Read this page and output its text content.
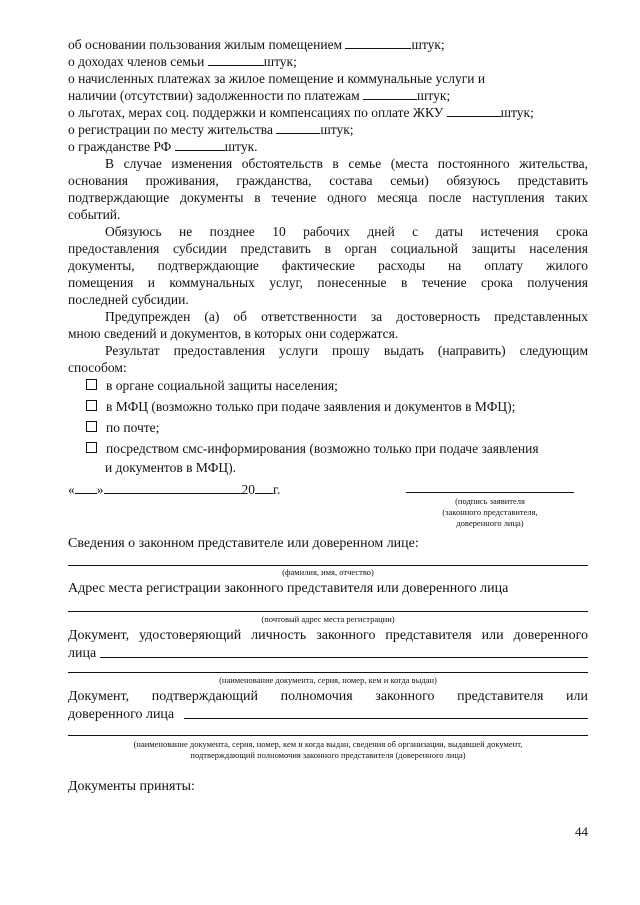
об основании пользования жилым помещением	штук;
о доходах членов семьи	штук;
о начисленных платежах за жилое помещение и коммунальные услуги и
наличии (отсутствии) задолженности по платежам	штук;
о льготах, мерах соц. поддержки и компенсациях по оплате ЖКУ	штук;
о регистрации по месту жительства	штук;
о гражданстве РФ	штук.
В случае изменения обстоятельств в семье (места постоянного жительства,
основания проживания, гражданства, состава семьи) обязуюсь представить
подтверждающие документы в течение одного месяца после наступления таких
событий.
Обязуюсь не позднее 10 рабочих дней с даты истечения срока
предоставления субсидии представить в орган социальной защиты населения
документы, подтверждающие фактические расходы на оплату жилого
помещения и коммунальных услуг, понесенные в течение срока получения
последней субсидии.
Предупрежден (а) об ответственности за достоверность представленных
мною сведений и документов, в которых они содержатся.
Результат предоставления услуги прошу выдать (направить) следующим
способом:
в органе социальной защиты населения;
в МФЦ (возможно только при подаче заявления и документов в МФЦ);
по почте;
посредством смс-информирования (возможно только при подаче заявления
и документов в МФЦ).
« »	20 г.
(подпись заявителя
(законного представителя,
доверенного лица)
Сведения о законном представителе или доверенном лице:
(фамилия, имя, отчество)
Адрес места регистрации законного представителя или доверенного лица
(почтовый адрес места регистрации)
Документ, удостоверяющий личность законного представителя или доверенного
лица
(наименование документа, серия, номер, кем и когда выдан)
Документ, подтверждающий полномочия законного представителя или
доверенного лица
(наименование документа, серия, номер, кем и когда выдан, сведения об организации, выдавшей документ,
подтверждающий полномочия законного представителя (доверенного лица)
Документы приняты:
44
